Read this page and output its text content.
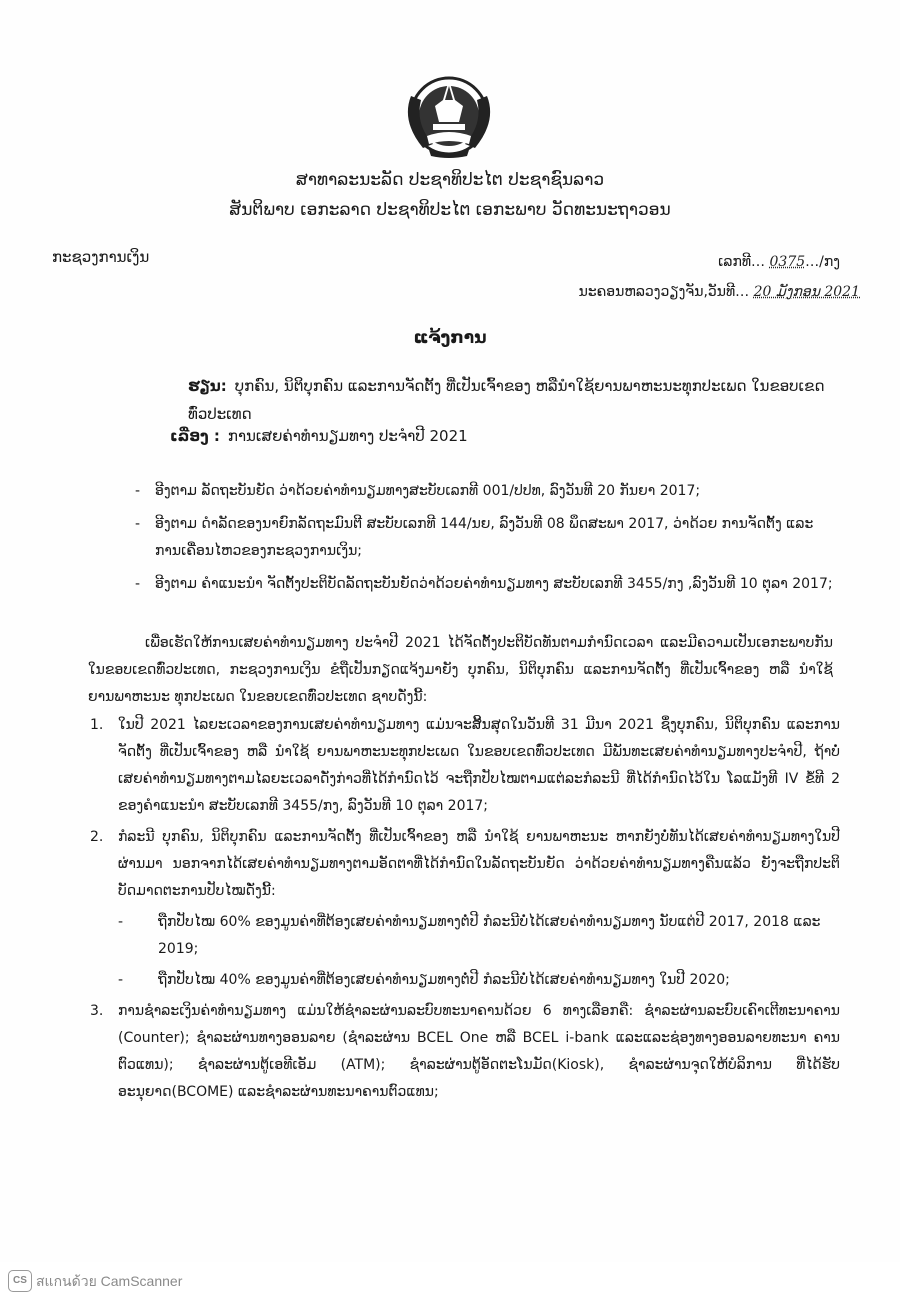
ສາທາລະນະລັດ ປະຊາທິປະໄຕ ປະຊາຊົນລາວ
ສັນຕິພາບ ເອກະລາດ ປະຊາທິປະໄຕ ເອກະພາບ ວັດທະນະຖາວອນ
ກະຊວງການເງິນ	ເລກທີ… 0375…/ກງ
ນະຄອນຫລວງວຽງຈັນ,ວັນທີ… 20 ມັງກອນ 2021
ແຈ້ງການ
ຮຽນ: ບຸກຄົນ, ນິຕິບຸກຄົນ ແລະການຈັດຕັ້ງ ທີ່ເປັນເຈົ້າຂອງ ຫລືນຳໃຊ້ຍານພາຫະນະທຸກປະເພດ ໃນຂອບເຂດທົ່ວປະເທດ
ເລື່ອງ : ການເສຍຄ່າທຳນຽມທາງ ປະຈຳປີ 2021
-	ອີງຕາມ ລັດຖະບັນຍັດ ວ່າດ້ວຍຄ່າທຳນຽມທາງສະບັບເລກທີ 001/ປປທ, ລົງວັນທີ 20 ກັນຍາ 2017;
-	ອີງຕາມ ດຳລັດຂອງນາຍົກລັດຖະມົນຕີ ສະບັບເລກທີ 144/ນຍ, ລົງວັນທີ 08 ພຶດສະພາ 2017, ວ່າດ້ວຍ ການຈັດຕັ້ງ ແລະ ການເຄື່ອນໄຫວຂອງກະຊວງການເງິນ;
-	ອີງຕາມ ຄຳແນະນຳ ຈັດຕັ້ງປະຕິບັດລັດຖະບັນຍັດວ່າດ້ວຍຄ່າທຳນຽມທາງ ສະບັບເລກທີ 3455/ກງ ,ລົງວັນທີ 10 ຕຸລາ 2017;
ເພື່ອເຮັດໃຫ້ການເສຍຄ່າທຳນຽມທາງ ປະຈຳປີ 2021 ໄດ້ຈັດຕັ້ງປະຕິບັດທັນຕາມກຳນົດເວລາ ແລະມີຄວາມເປັນເອກະພາບກັນໃນຂອບເຂດທົ່ວປະເທດ, ກະຊວງການເງິນ ຂໍຖືເປັນກຽດແຈ້ງມາຍັງ ບຸກຄົນ, ນິຕິບຸກຄົນ ແລະການຈັດຕັ້ງ ທີ່ເປັນເຈົ້າຂອງ ຫລື ນຳໃຊ້ຍານພາຫະນະ ທຸກປະເພດ ໃນຂອບເຂດທົ່ວປະເທດ ຊາບດັ່ງນີ້:
1.	ໃນປີ 2021 ໄລຍະເວລາຂອງການເສຍຄ່າທຳນຽມທາງ ແມ່ນຈະສິ້ນສຸດໃນວັນທີ 31 ມີນາ 2021 ຊຶ່ງບຸກຄົນ, ນິຕິບຸກຄົນ ແລະການຈັດຕັ້ງ ທີ່ເປັນເຈົ້າຂອງ ຫລື ນຳໃຊ້ ຍານພາຫະນະທຸກປະເພດ ໃນຂອບເຂດທົ່ວປະເທດ ມີພັນທະເສຍຄ່າທຳນຽມທາງປະຈຳປີ, ຖ້າບໍ່ເສຍຄ່າທຳນຽມທາງຕາມໄລຍະເວລາດັ່ງກ່າວທີ່ໄດ້ກຳນົດໄວ້ ຈະຖືກປັບໄໝຕາມແຕ່ລະກໍລະນີ ທີ່ໄດ້ກຳນົດໄວ້ໃນ ໂລແມັງທີ IV ຂໍ້ທີ 2 ຂອງຄຳແນະນຳ ສະບັບເລກທີ 3455/ກງ, ລົງວັນທີ 10 ຕຸລາ 2017;
2.	ກໍລະນີ ບຸກຄົນ, ນິຕິບຸກຄົນ ແລະການຈັດຕັ້ງ ທີ່ເປັນເຈົ້າຂອງ ຫລື ນຳໃຊ້ ຍານພາຫະນະ ຫາກຍັງບໍ່ທັນໄດ້ເສຍຄ່າທຳນຽມທາງໃນປີຜ່ານມາ ນອກຈາກໄດ້ເສຍຄ່າທຳນຽມທາງຕາມອັດຕາທີ່ໄດ້ກຳນົດໃນລັດຖະບັນຍັດ ວ່າດ້ວຍຄ່າທຳນຽມທາງຄືນແລ້ວ ຍັງຈະຖືກປະຕິບັດມາດຕະການປັບໄໝດັ່ງນີ້:
-	ຖືກປັບໄໝ 60% ຂອງມູນຄ່າທີ່ຕ້ອງເສຍຄ່າທຳນຽມທາງຕໍ່ປີ ກໍລະນີບໍ່ໄດ້ເສຍຄ່າທຳນຽມທາງ ນັບແຕ່ປີ 2017, 2018 ແລະ 2019;
-	ຖືກປັບໄໝ 40% ຂອງມູນຄ່າທີ່ຕ້ອງເສຍຄ່າທຳນຽມທາງຕໍ່ປີ ກໍລະນີບໍ່ໄດ້ເສຍຄ່າທຳນຽມທາງ ໃນປີ 2020;
3.	ການຊຳລະເງິນຄ່າທຳນຽມທາງ ແມ່ນໃຫ້ຊຳລະຜ່ານລະບົບທະນາຄານດ້ວຍ 6 ທາງເລືອກຄື: ຊຳລະຜ່ານລະບົບເຄົາເຕີທະນາຄານ (Counter); ຊຳລະຜ່ານທາງອອນລາຍ (ຊຳລະຜ່ານ BCEL One ຫລື BCEL i-bank ແລະແລະຊ່ອງທາງອອນລາຍທະນາ ຄານຕົວແທນ); ຊຳລະຜ່ານຕູ້ເອທີເອັມ (ATM); ຊຳລະຜ່ານຕູ້ອັດຕະໂນມັດ(Kiosk), ຊຳລະຜ່ານຈຸດໃຫ້ບໍລິການ ທີ່ໄດ້ຮັບອະນຸຍາດ(BCOME) ແລະຊຳລະຜ່ານທະນາຄານຕົວແທນ;
CS สแกนด้วย CamScanner
